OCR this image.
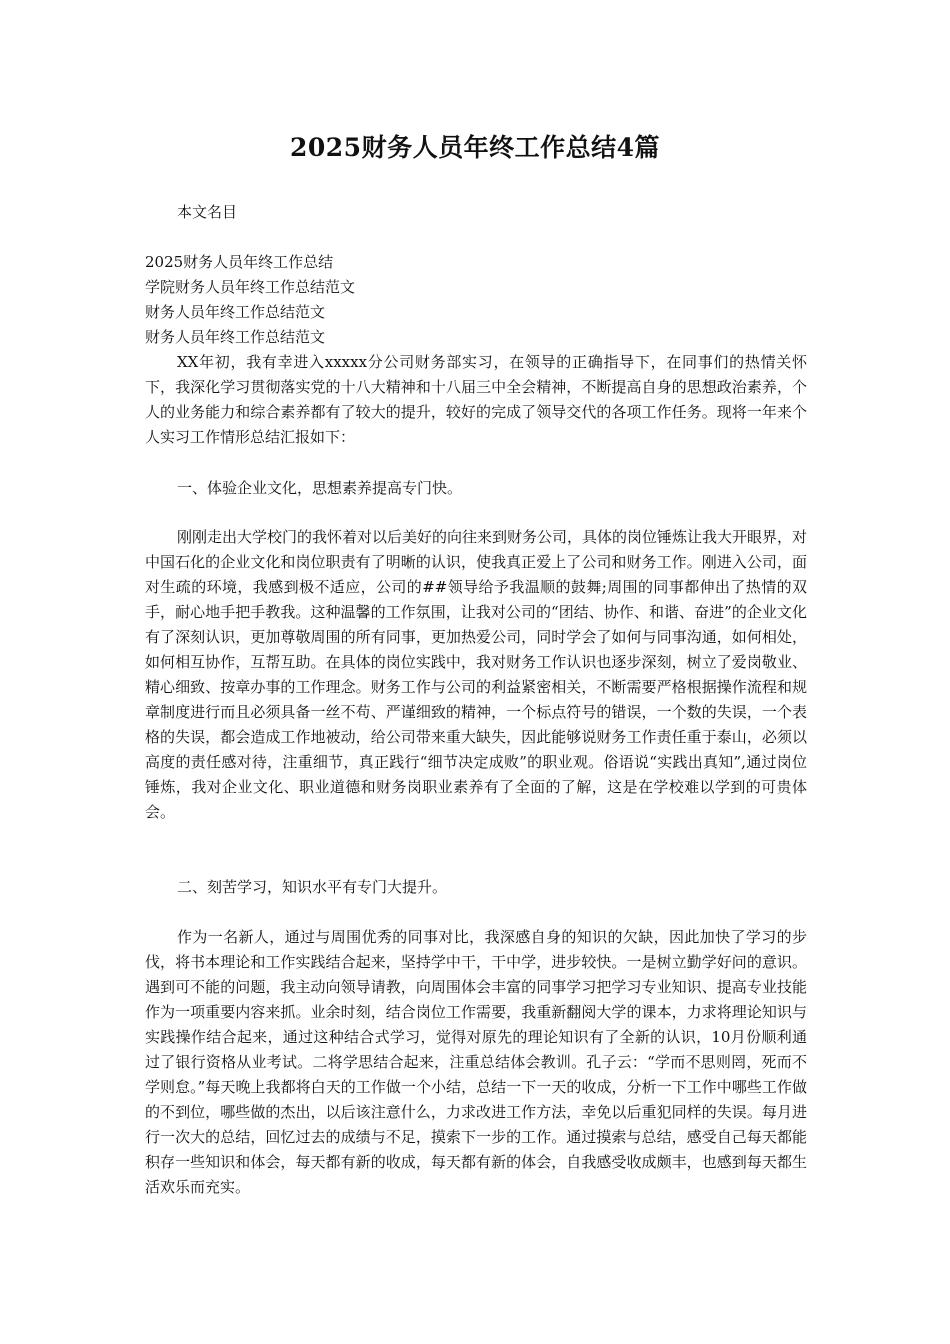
2025财务人员年终工作总结4篇
本文名目
2025财务人员年终工作总结
学院财务人员年终工作总结范文
财务人员年终工作总结范文
财务人员年终工作总结范文

XX年初，我有幸进入xxxxx分公司财务部实习，在领导的正确指导下，在同事们的热情关怀下，我深化学习贯彻落实党的十八大精神和十八届三中全会精神，不断提高自身的思想政治素养，个人的业务能力和综合素养都有了较大的提升，较好的完成了领导交代的各项工作任务。现将一年来个人实习工作情形总结汇报如下：

一、体验企业文化，思想素养提高专门快。

刚刚走出大学校门的我怀着对以后美好的向往来到财务公司，具体的岗位锤炼让我大开眼界，对中国石化的企业文化和岗位职责有了明晰的认识，使我真正爱上了公司和财务工作。刚进入公司，面对生疏的环境，我感到极不适应，公司的##领导给予我温顺的鼓舞;周围的同事都伸出了热情的双手，耐心地手把手教我。这种温馨的工作氛围，让我对公司的“团结、协作、和谐、奋进”的企业文化有了深刻认识，更加尊敬周围的所有同事，更加热爱公司，同时学会了如何与同事沟通，如何相处，如何相互协作，互帮互助。在具体的岗位实践中，我对财务工作认识也逐步深刻，树立了爱岗敬业、精心细致、按章办事的工作理念。财务工作与公司的利益紧密相关，不断需要严格根据操作流程和规章制度进行而且必须具备一丝不苟、严谨细致的精神，一个标点符号的错误，一个数的失误，一个表格的失误，都会造成工作地被动，给公司带来重大缺失，因此能够说财务工作责任重于泰山，必须以高度的责任感对待，注重细节，真正践行“细节决定成败”的职业观。俗语说“实践出真知”,通过岗位锤炼，我对企业文化、职业道德和财务岗职业素养有了全面的了解，这是在学校难以学到的可贵体会。

二、刻苦学习，知识水平有专门大提升。

作为一名新人，通过与周围优秀的同事对比，我深感自身的知识的欠缺，因此加快了学习的步伐，将书本理论和工作实践结合起来，坚持学中干，干中学，进步较快。一是树立勤学好问的意识。遇到可不能的问题，我主动向领导请教，向周围体会丰富的同事学习把学习专业知识、提高专业技能作为一项重要内容来抓。业余时刻，结合岗位工作需要，我重新翻阅大学的课本，力求将理论知识与实践操作结合起来，通过这种结合式学习，觉得对原先的理论知识有了全新的认识，10月份顺利通过了银行资格从业考试。二将学思结合起来，注重总结体会教训。孔子云：“学而不思则罔，死而不学则怠。”每天晚上我都将白天的工作做一个小结，总结一下一天的收成，分析一下工作中哪些工作做的不到位，哪些做的杰出，以后该注意什么，力求改进工作方法，幸免以后重犯同样的失误。每月进行一次大的总结，回忆过去的成绩与不足，摸索下一步的工作。通过摸索与总结，感受自己每天都能积存一些知识和体会，每天都有新的收成，每天都有新的体会，自我感受收成颇丰，也感到每天都生活欢乐而充实。
